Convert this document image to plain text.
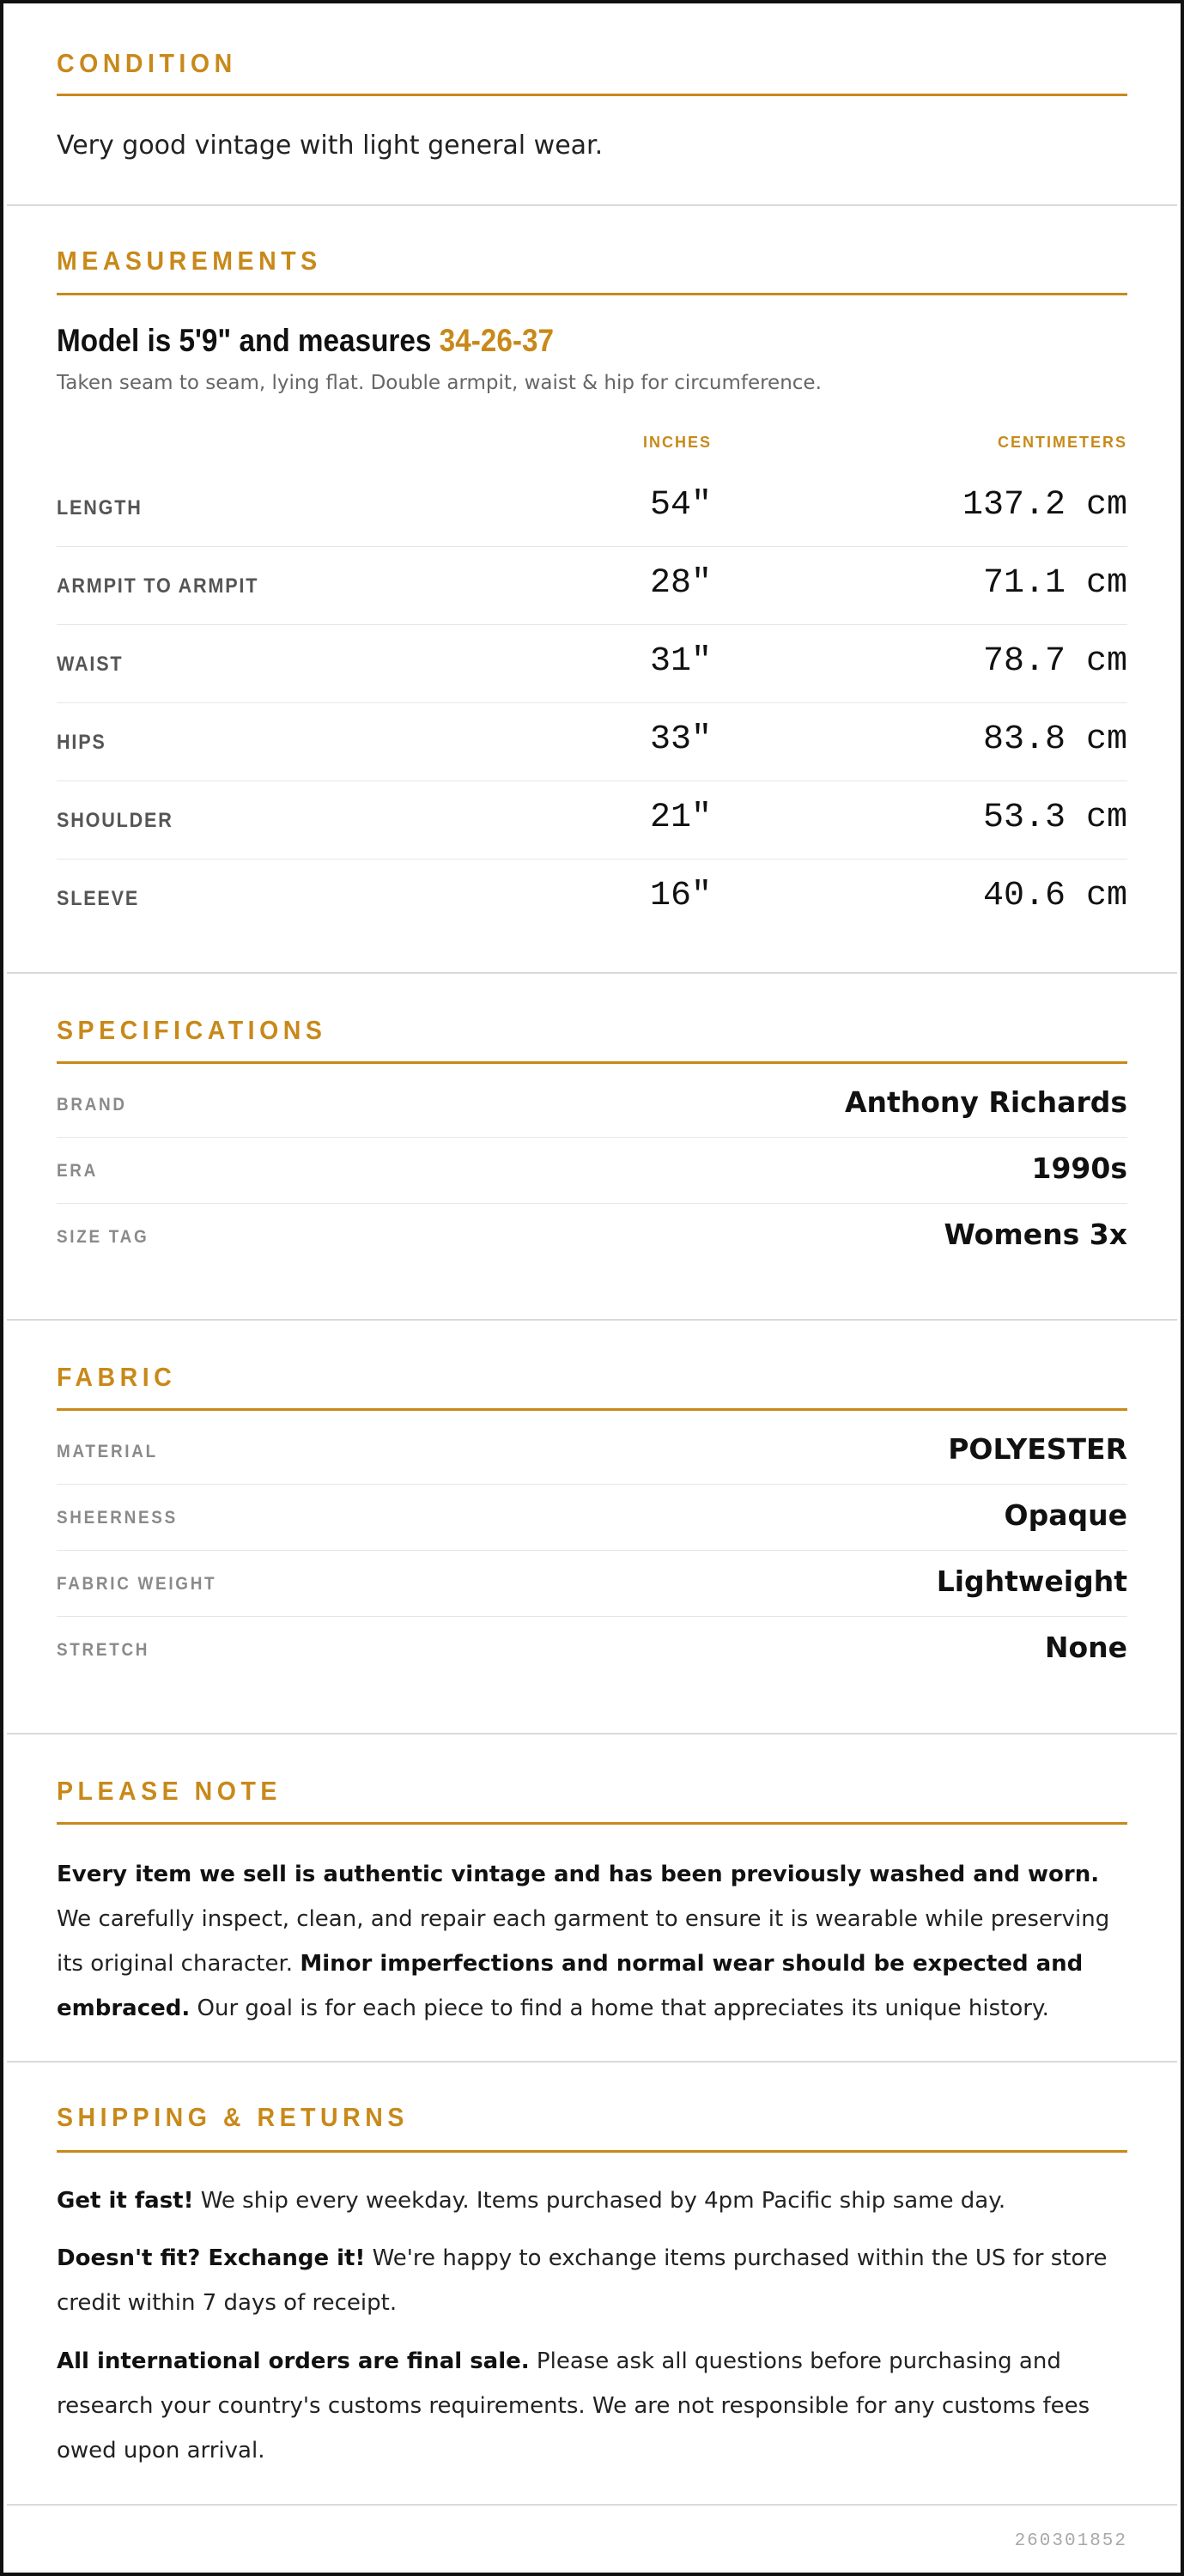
CONDITION
Very good vintage with light general wear.
MEASUREMENTS
Model is 5'9" and measures 34-26-37
Taken seam to seam, lying flat. Double armpit, waist & hip for circumference.
INCHES	CENTIMETERS
LENGTH	54"	137.2 cm
ARMPIT TO ARMPIT	28"	71.1 cm
WAIST	31"	78.7 cm
HIPS	33"	83.8 cm
SHOULDER	21"	53.3 cm
SLEEVE	16"	40.6 cm
SPECIFICATIONS
BRAND	Anthony Richards
ERA	1990s
SIZE TAG	Womens 3x
FABRIC
MATERIAL	POLYESTER
SHEERNESS	Opaque
FABRIC WEIGHT	Lightweight
STRETCH	None
PLEASE NOTE

Every item we sell is authentic vintage and has been previously washed and worn. We carefully inspect, clean, and repair each garment to ensure it is wearable while preserving its original character. Minor imperfections and normal wear should be expected and embraced. Our goal is for each piece to find a home that appreciates its unique history.

SHIPPING & RETURNS

Get it fast! We ship every weekday. Items purchased by 4pm Pacific ship same day.

Doesn't fit? Exchange it! We're happy to exchange items purchased within the US for store credit within 7 days of receipt.

All international orders are final sale. Please ask all questions before purchasing and research your country's customs requirements. We are not responsible for any customs fees owed upon arrival.

260301852
